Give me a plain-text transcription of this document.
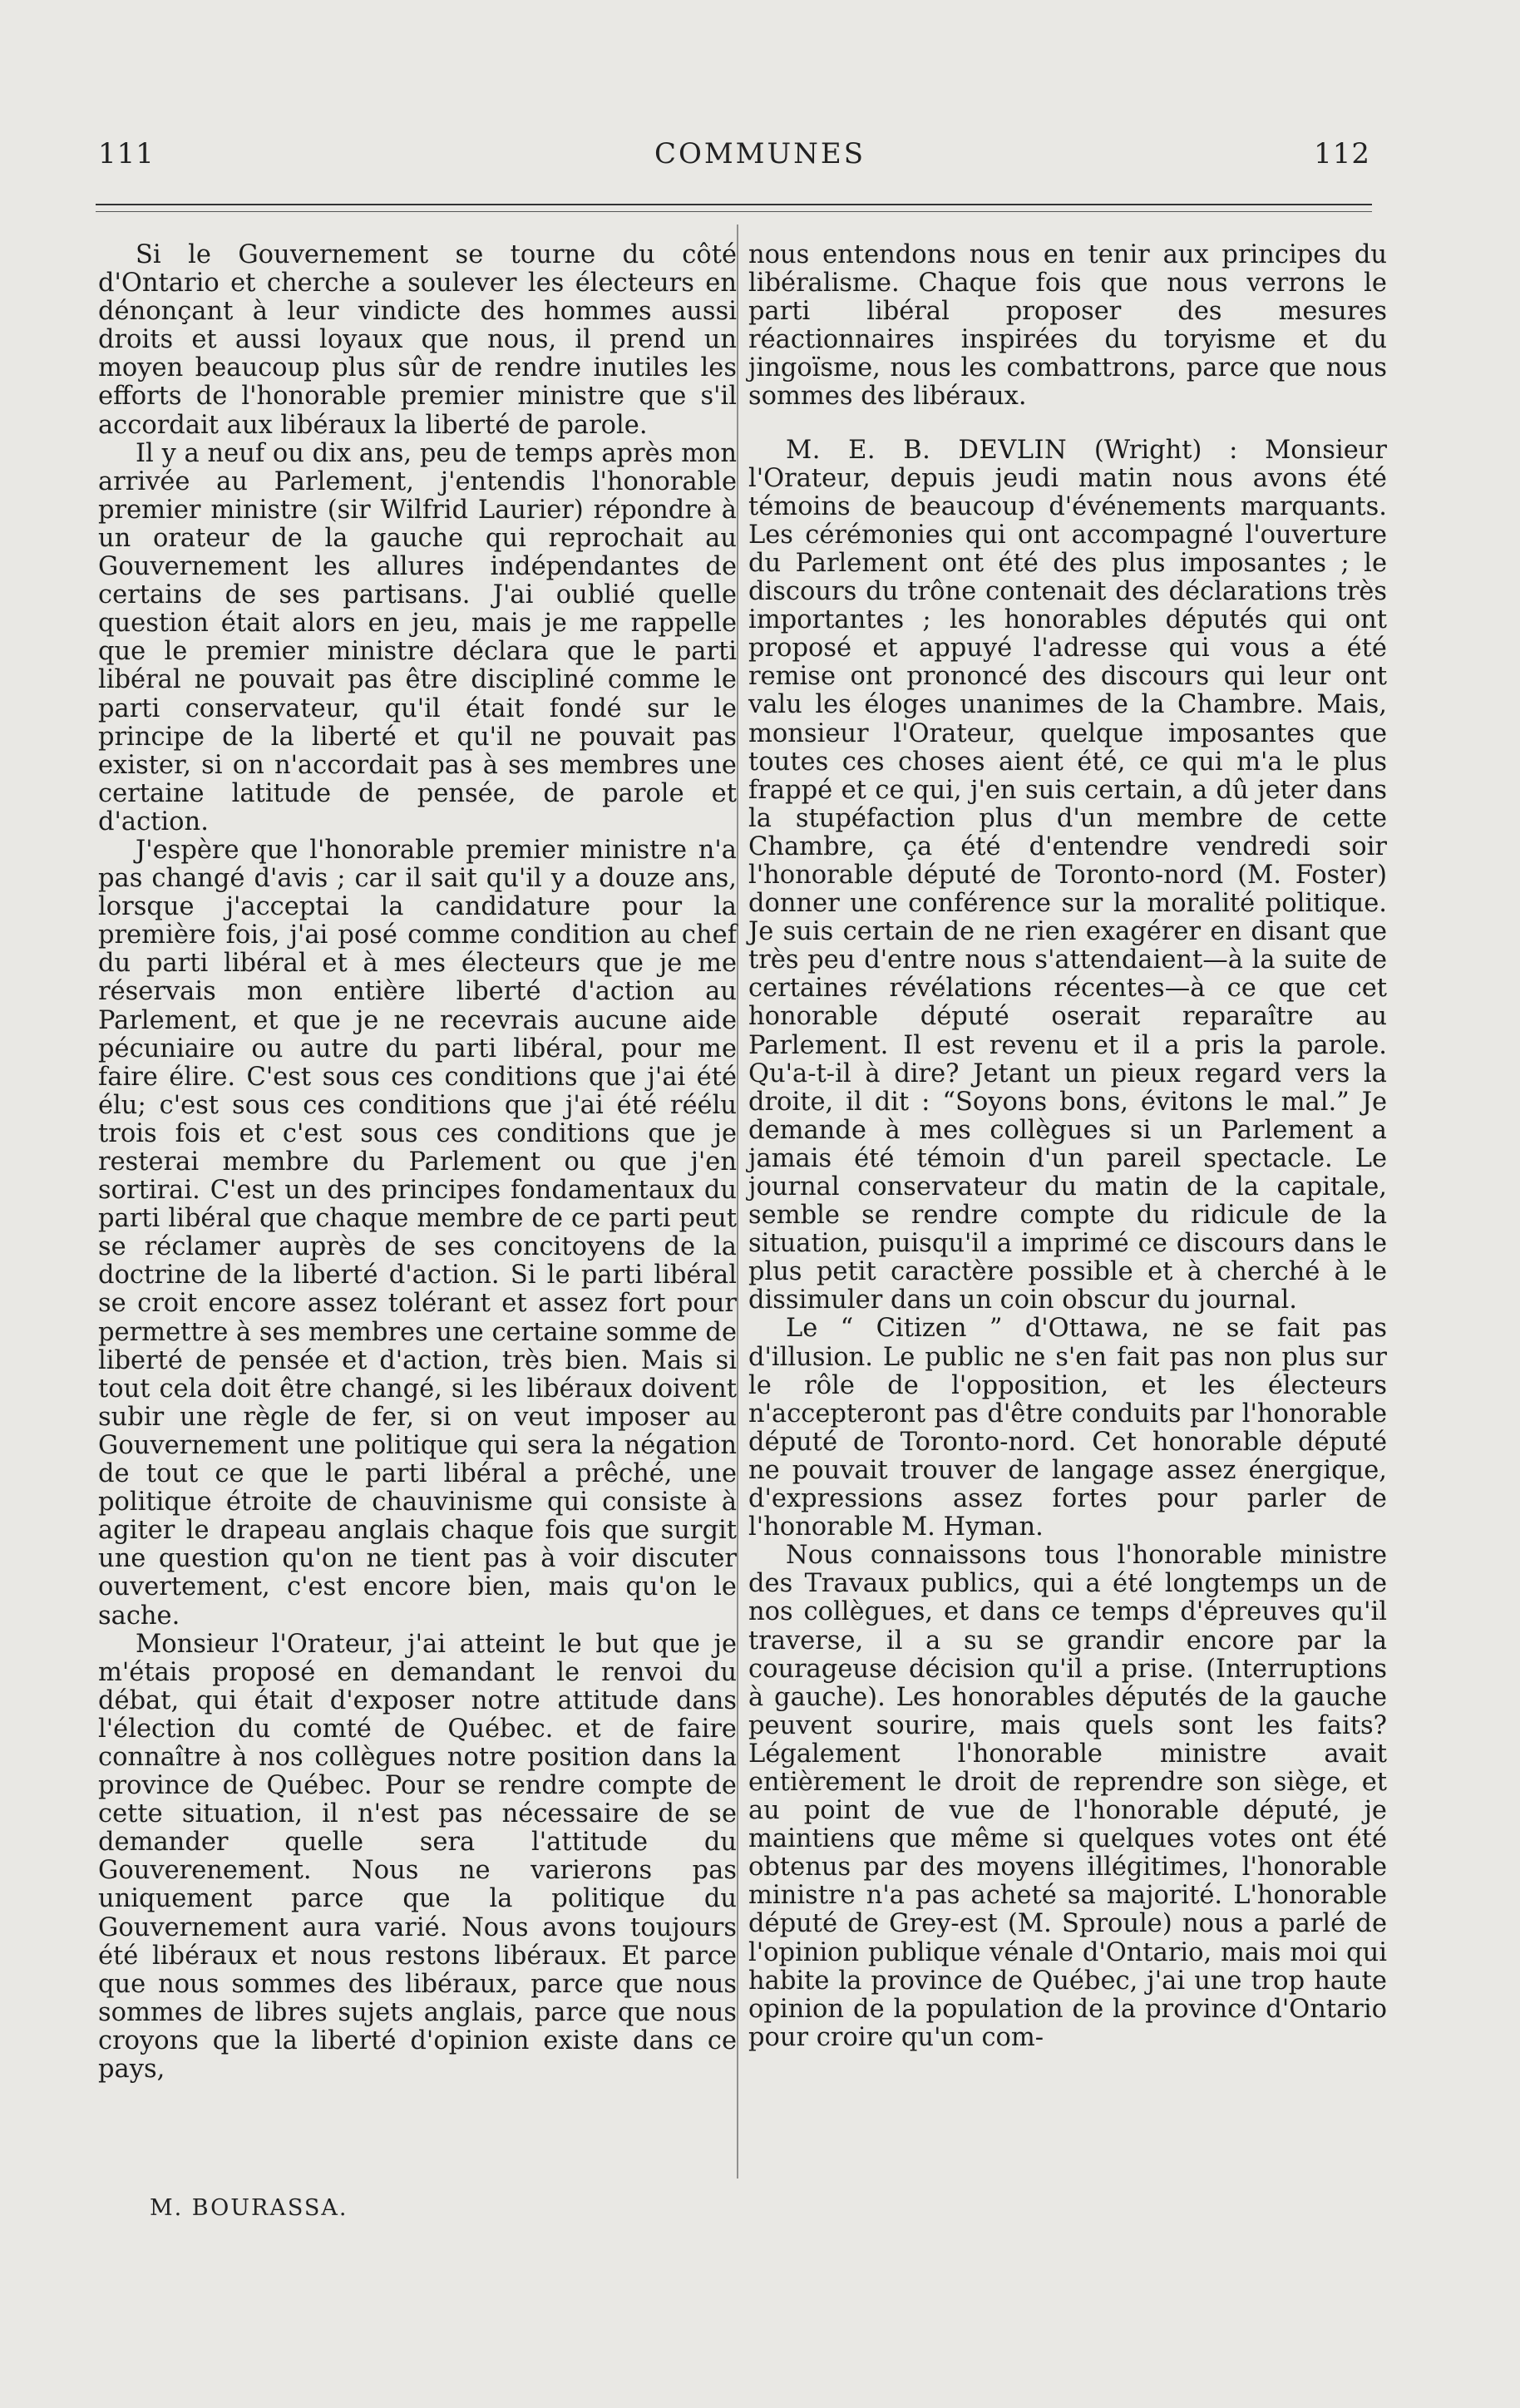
111	COMMUNES	112

Si le Gouvernement se tourne du côté d'Ontario et cherche a soulever les électeurs en dénonçant à leur vindicte des hommes aussi droits et aussi loyaux que nous, il prend un moyen beaucoup plus sûr de rendre inutiles les efforts de l'honorable premier ministre que s'il accordait aux libéraux la liberté de parole.

Il y a neuf ou dix ans, peu de temps après mon arrivée au Parlement, j'entendis l'honorable premier ministre (sir Wilfrid Laurier) répondre à un orateur de la gauche qui reprochait au Gouvernement les allures indépendantes de certains de ses partisans. J'ai oublié quelle question était alors en jeu, mais je me rappelle que le premier ministre déclara que le parti libéral ne pouvait pas être discipliné comme le parti conservateur, qu'il était fondé sur le principe de la liberté et qu'il ne pouvait pas exister, si on n'accordait pas à ses membres une certaine latitude de pensée, de parole et d'action.

J'espère que l'honorable premier ministre n'a pas changé d'avis ; car il sait qu'il y a douze ans, lorsque j'acceptai la candidature pour la première fois, j'ai posé comme condition au chef du parti libéral et à mes électeurs que je me réservais mon entière liberté d'action au Parlement, et que je ne recevrais aucune aide pécuniaire ou autre du parti libéral, pour me faire élire. C'est sous ces conditions que j'ai été élu; c'est sous ces conditions que j'ai été réélu trois fois et c'est sous ces conditions que je resterai membre du Parlement ou que j'en sortirai. C'est un des principes fondamentaux du parti libéral que chaque membre de ce parti peut se réclamer auprès de ses concitoyens de la doctrine de la liberté d'action. Si le parti libéral se croit encore assez tolérant et assez fort pour permettre à ses membres une certaine somme de liberté de pensée et d'action, très bien. Mais si tout cela doit être changé, si les libéraux doivent subir une règle de fer, si on veut imposer au Gouvernement une politique qui sera la négation de tout ce que le parti libéral a prêché, une politique étroite de chauvinisme qui consiste à agiter le drapeau anglais chaque fois que surgit une question qu'on ne tient pas à voir discuter ouvertement, c'est encore bien, mais qu'on le sache.

Monsieur l'Orateur, j'ai atteint le but que je m'étais proposé en demandant le renvoi du débat, qui était d'exposer notre attitude dans l'élection du comté de Québec. et de faire connaître à nos collègues notre position dans la province de Québec. Pour se rendre compte de cette situation, il n'est pas nécessaire de se demander quelle sera l'attitude du Gouverenement. Nous ne varierons pas uniquement parce que la politique du Gouvernement aura varié. Nous avons toujours été libéraux et nous restons libéraux. Et parce que nous sommes des libéraux, parce que nous sommes de libres sujets anglais, parce que nous croyons que la liberté d'opinion existe dans ce pays,

nous entendons nous en tenir aux principes du libéralisme. Chaque fois que nous verrons le parti libéral proposer des mesures réactionnaires inspirées du toryisme et du jingoïsme, nous les combattrons, parce que nous sommes des libéraux.

M. E. B. DEVLIN (Wright) : Monsieur l'Orateur, depuis jeudi matin nous avons été témoins de beaucoup d'événements marquants. Les cérémonies qui ont accompagné l'ouverture du Parlement ont été des plus imposantes ; le discours du trône contenait des déclarations très importantes ; les honorables députés qui ont proposé et appuyé l'adresse qui vous a été remise ont prononcé des discours qui leur ont valu les éloges unanimes de la Chambre. Mais, monsieur l'Orateur, quelque imposantes que toutes ces choses aient été, ce qui m'a le plus frappé et ce qui, j'en suis certain, a dû jeter dans la stupéfaction plus d'un membre de cette Chambre, ça été d'entendre vendredi soir l'honorable député de Toronto-nord (M. Foster) donner une conférence sur la moralité politique. Je suis certain de ne rien exagérer en disant que très peu d'entre nous s'attendaient—à la suite de certaines révélations récentes—à ce que cet honorable député oserait reparaître au Parlement. Il est revenu et il a pris la parole. Qu'a-t-il à dire? Jetant un pieux regard vers la droite, il dit : “Soyons bons, évitons le mal.” Je demande à mes collègues si un Parlement a jamais été témoin d'un pareil spectacle. Le journal conservateur du matin de la capitale, semble se rendre compte du ridicule de la situation, puisqu'il a imprimé ce discours dans le plus petit caractère possible et à cherché à le dissimuler dans un coin obscur du journal.

Le “ Citizen ” d'Ottawa, ne se fait pas d'illusion. Le public ne s'en fait pas non plus sur le rôle de l'opposition, et les électeurs n'accepteront pas d'être conduits par l'honorable député de Toronto-nord. Cet honorable député ne pouvait trouver de langage assez énergique, d'expressions assez fortes pour parler de l'honorable M. Hyman.

Nous connaissons tous l'honorable ministre des Travaux publics, qui a été longtemps un de nos collègues, et dans ce temps d'épreuves qu'il traverse, il a su se grandir encore par la courageuse décision qu'il a prise. (Interruptions à gauche). Les honorables députés de la gauche peuvent sourire, mais quels sont les faits? Légalement l'honorable ministre avait entièrement le droit de reprendre son siège, et au point de vue de l'honorable député, je maintiens que même si quelques votes ont été obtenus par des moyens illégitimes, l'honorable ministre n'a pas acheté sa majorité. L'honorable député de Grey-est (M. Sproule) nous a parlé de l'opinion publique vénale d'Ontario, mais moi qui habite la province de Québec, j'ai une trop haute opinion de la population de la province d'Ontario pour croire qu'un com-

M. BOURASSA.
